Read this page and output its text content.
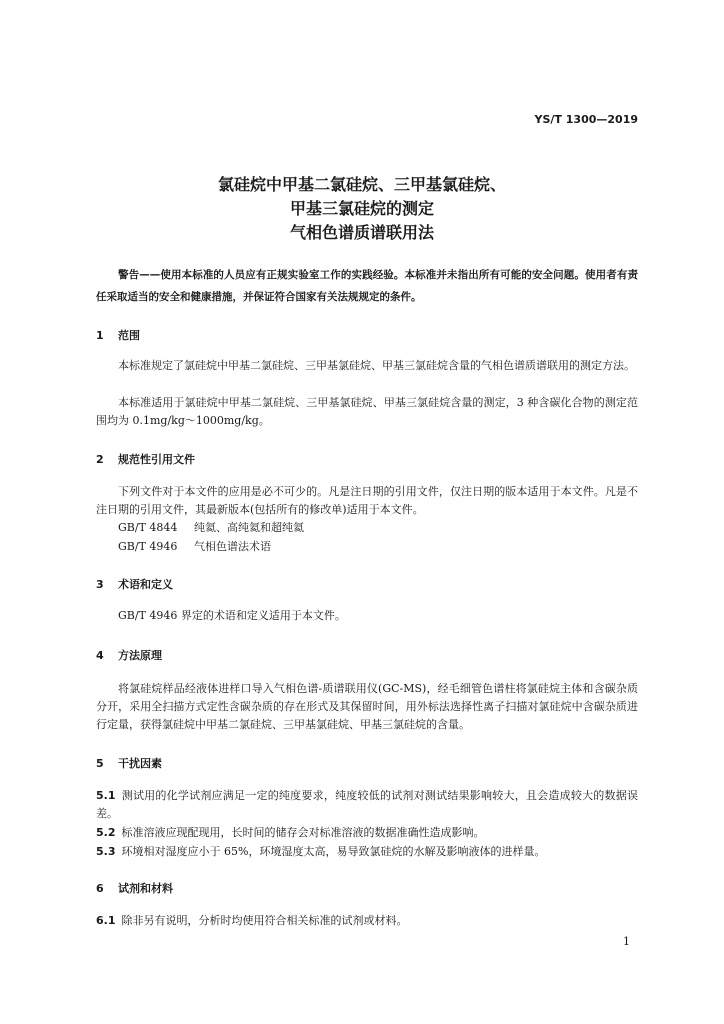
YS/T 1300—2019
氯硅烷中甲基二氯硅烷、三甲基氯硅烷、
甲基三氯硅烷的测定
气相色谱质谱联用法
警告——使用本标准的人员应有正规实验室工作的实践经验。本标准并未指出所有可能的安全问题。使用者有责任采取适当的安全和健康措施，并保证符合国家有关法规规定的条件。
1 范围
本标准规定了氯硅烷中甲基二氯硅烷、三甲基氯硅烷、甲基三氯硅烷含量的气相色谱质谱联用的测定方法。
本标准适用于氯硅烷中甲基二氯硅烷、三甲基氯硅烷、甲基三氯硅烷含量的测定，3 种含碳化合物的测定范围均为 0.1mg/kg～1000mg/kg。
2 规范性引用文件
下列文件对于本文件的应用是必不可少的。凡是注日期的引用文件，仅注日期的版本适用于本文件。凡是不注日期的引用文件，其最新版本(包括所有的修改单)适用于本文件。
GB/T 4844 纯氦、高纯氦和超纯氦
GB/T 4946 气相色谱法术语
3 术语和定义
GB/T 4946 界定的术语和定义适用于本文件。
4 方法原理
将氯硅烷样品经液体进样口导入气相色谱-质谱联用仪(GC-MS)，经毛细管色谱柱将氯硅烷主体和含碳杂质分开，采用全扫描方式定性含碳杂质的存在形式及其保留时间，用外标法选择性离子扫描对氯硅烷中含碳杂质进行定量，获得氯硅烷中甲基二氯硅烷、三甲基氯硅烷、甲基三氯硅烷的含量。
5 干扰因素
5.1 测试用的化学试剂应满足一定的纯度要求，纯度较低的试剂对测试结果影响较大，且会造成较大的数据误差。
5.2 标准溶液应现配现用，长时间的储存会对标准溶液的数据准确性造成影响。
5.3 环境相对湿度应小于 65%，环境湿度太高，易导致氯硅烷的水解及影响液体的进样量。
6 试剂和材料
6.1 除非另有说明，分析时均使用符合相关标准的试剂或材料。
1
